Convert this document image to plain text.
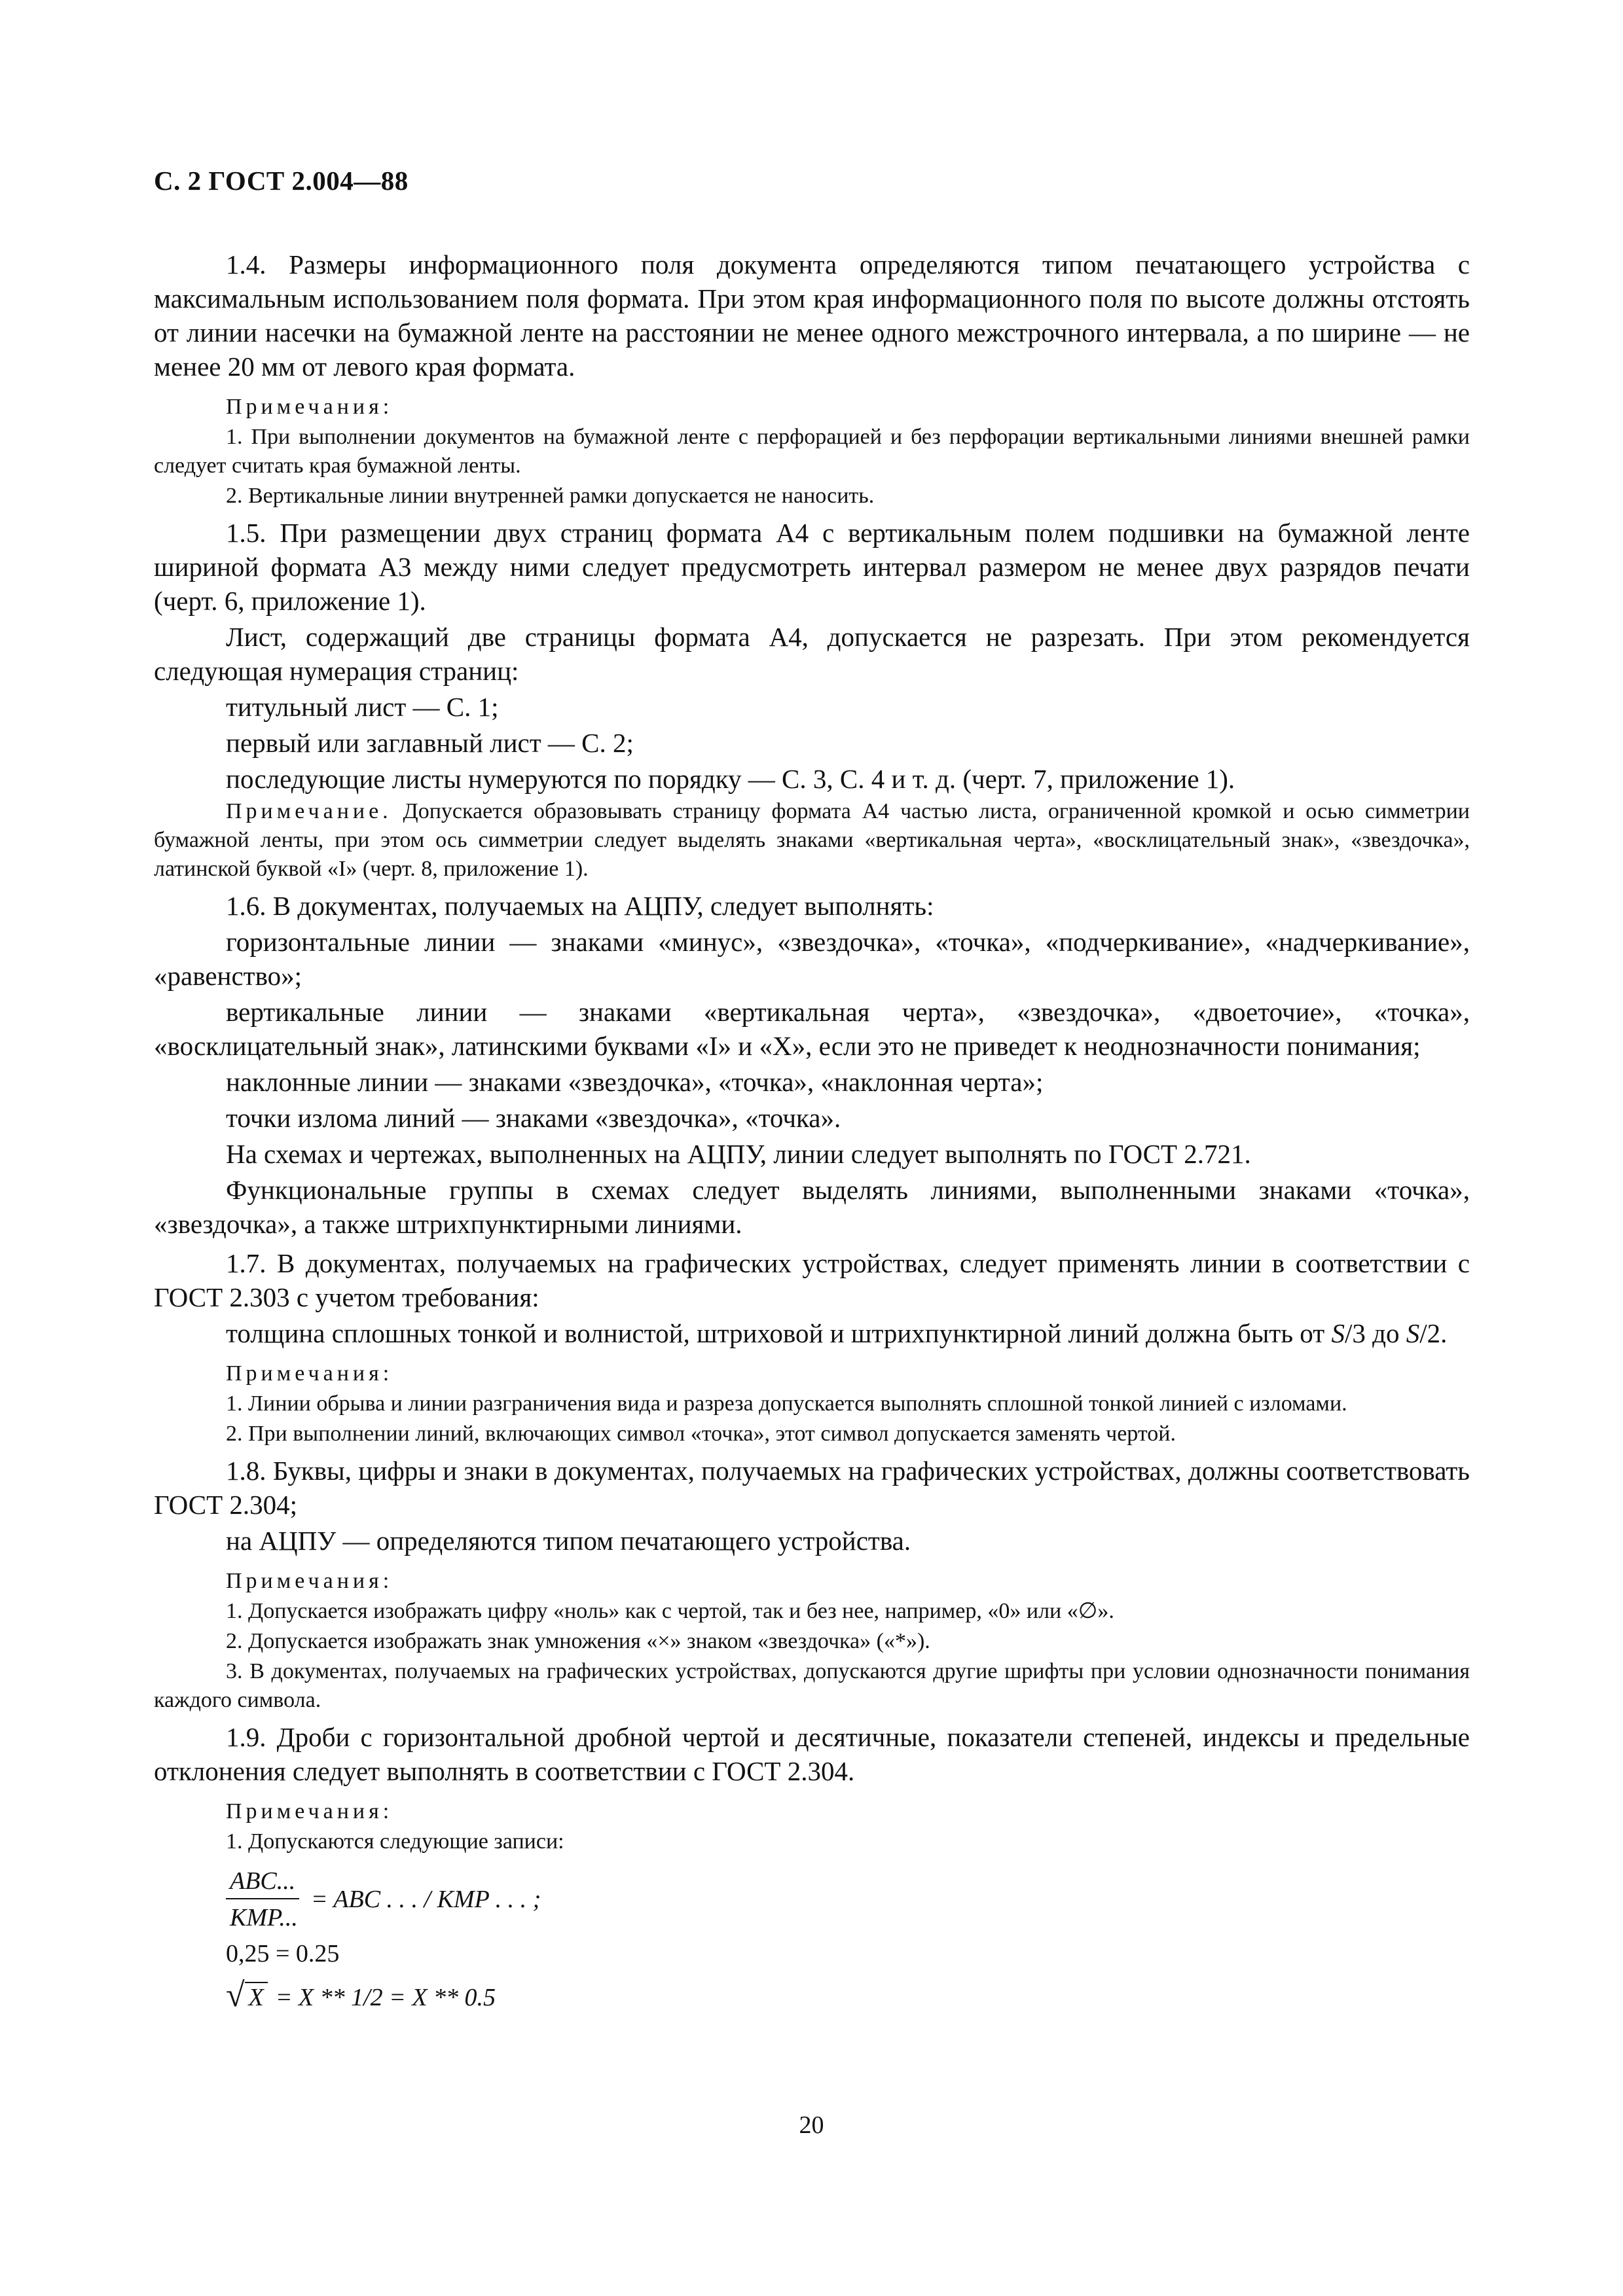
С. 2 ГОСТ 2.004—88

1.4. Размеры информационного поля документа определяются типом печатающего устройства с максимальным использованием поля формата. При этом края информационного поля по высоте должны отстоять от линии насечки на бумажной ленте на расстоянии не менее одного межстрочного интервала, а по ширине — не менее 20 мм от левого края формата.

Примечания:

1. При выполнении документов на бумажной ленте с перфорацией и без перфорации вертикальными линиями внешней рамки следует считать края бумажной ленты.

2. Вертикальные линии внутренней рамки допускается не наносить.

1.5. При размещении двух страниц формата А4 с вертикальным полем подшивки на бумажной ленте шириной формата А3 между ними следует предусмотреть интервал размером не менее двух разрядов печати (черт. 6, приложение 1).

Лист, содержащий две страницы формата А4, допускается не разрезать. При этом рекомендуется следующая нумерация страниц:

титульный лист — С. 1;

первый или заглавный лист — С. 2;

последующие листы нумеруются по порядку — С. 3, С. 4 и т. д. (черт. 7, приложение 1).

Примечание. Допускается образовывать страницу формата А4 частью листа, ограниченной кромкой и осью симметрии бумажной ленты, при этом ось симметрии следует выделять знаками «вертикальная черта», «восклицательный знак», «звездочка», латинской буквой «I» (черт. 8, приложение 1).

1.6. В документах, получаемых на АЦПУ, следует выполнять:

горизонтальные линии — знаками «минус», «звездочка», «точка», «подчеркивание», «надчеркивание», «равенство»;

вертикальные линии — знаками «вертикальная черта», «звездочка», «двоеточие», «точка», «восклицательный знак», латинскими буквами «I» и «X», если это не приведет к неоднозначности понимания;

наклонные линии — знаками «звездочка», «точка», «наклонная черта»;

точки излома линий — знаками «звездочка», «точка».

На схемах и чертежах, выполненных на АЦПУ, линии следует выполнять по ГОСТ 2.721.

Функциональные группы в схемах следует выделять линиями, выполненными знаками «точка», «звездочка», а также штрихпунктирными линиями.

1.7. В документах, получаемых на графических устройствах, следует применять линии в соответствии с ГОСТ 2.303 с учетом требования:

толщина сплошных тонкой и волнистой, штриховой и штрихпунктирной линий должна быть от S/3 до S/2.

Примечания:

1. Линии обрыва и линии разграничения вида и разреза допускается выполнять сплошной тонкой линией с изломами.

2. При выполнении линий, включающих символ «точка», этот символ допускается заменять чертой.

1.8. Буквы, цифры и знаки в документах, получаемых на графических устройствах, должны соответствовать ГОСТ 2.304;

на АЦПУ — определяются типом печатающего устройства.

Примечания:

1. Допускается изображать цифру «ноль» как с чертой, так и без нее, например, «0» или «∅».

2. Допускается изображать знак умножения «×» знаком «звездочка» («*»).

3. В документах, получаемых на графических устройствах, допускаются другие шрифты при условии однозначности понимания каждого символа.

1.9. Дроби с горизонтальной дробной чертой и десятичные, показатели степеней, индексы и предельные отклонения следует выполнять в соответствии с ГОСТ 2.304.

Примечания:

1. Допускаются следующие записи:

$\frac{\text{ABC...}}{\text{KMP...}}$ = ABC . . . / KMP . . . ;

0,25 = 0.25

√ X = X ** 1/2 = X ** 0.5
20
